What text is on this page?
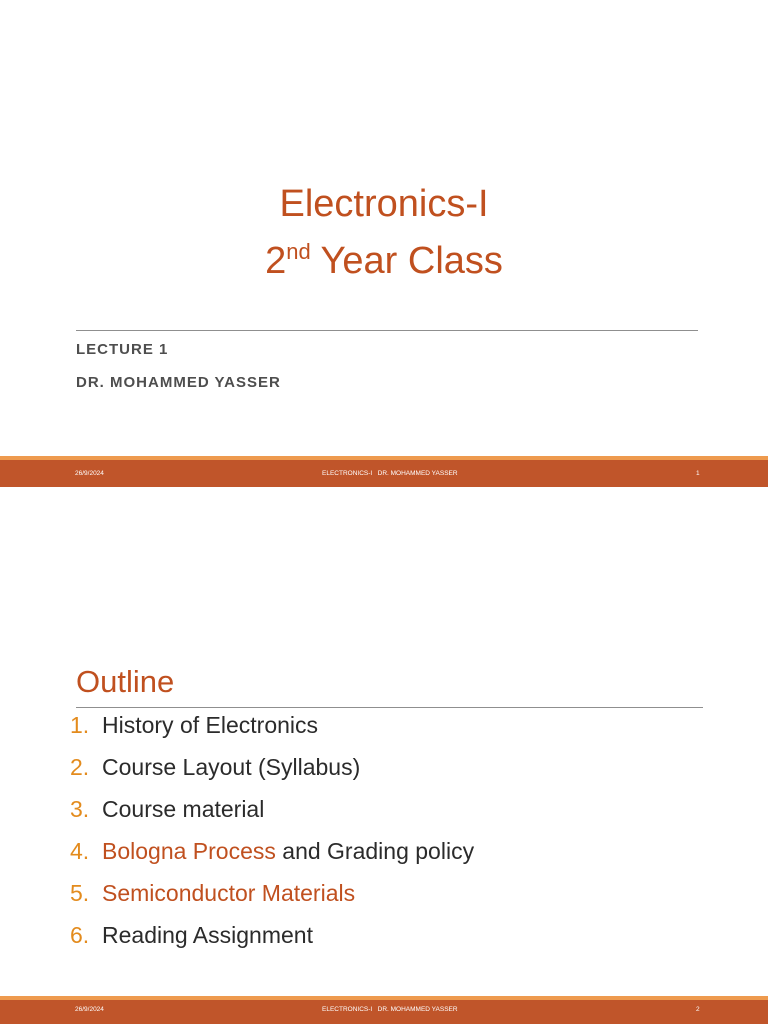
Electronics-I
2nd Year Class
LECTURE 1
DR. MOHAMMED YASSER
26/9/2024	ELECTRONICS-I DR. MOHAMMED YASSER	1
Outline
1. History of Electronics
2. Course Layout (Syllabus)
3. Course material
4. Bologna Process and Grading policy
5. Semiconductor Materials
6. Reading Assignment
26/9/2024	ELECTRONICS-I DR. MOHAMMED YASSER	2
